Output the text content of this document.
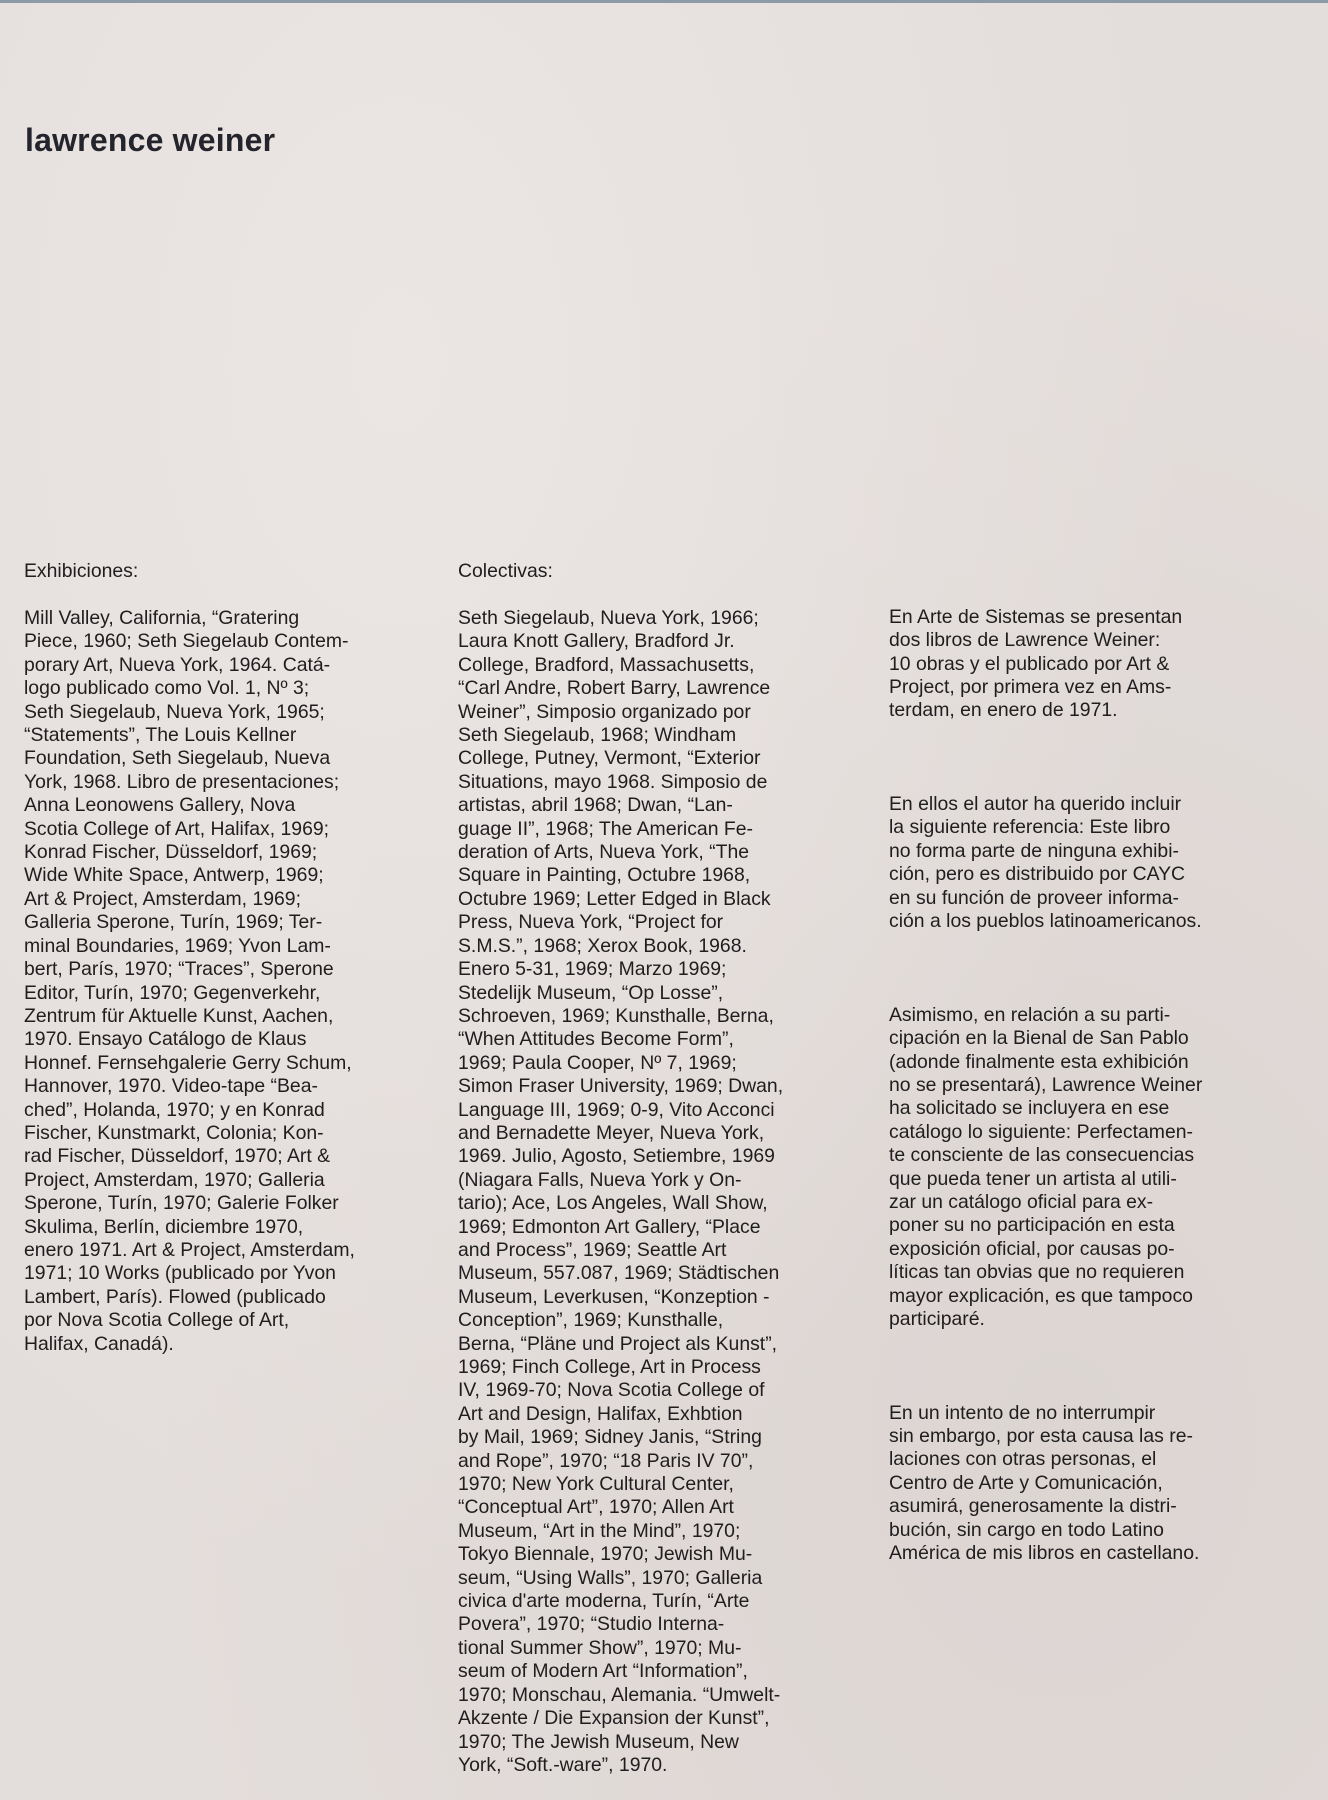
lawrence weiner
Exhibiciones:
Mill Valley, California, “Gratering
Piece, 1960; Seth Siegelaub Contem-
porary Art, Nueva York, 1964. Catá-
logo publicado como Vol. 1, Nº 3;
Seth Siegelaub, Nueva York, 1965;
“Statements”, The Louis Kellner
Foundation, Seth Siegelaub, Nueva
York, 1968. Libro de presentaciones;
Anna Leonowens Gallery, Nova
Scotia College of Art, Halifax, 1969;
Konrad Fischer, Düsseldorf, 1969;
Wide White Space, Antwerp, 1969;
Art & Project, Amsterdam, 1969;
Galleria Sperone, Turín, 1969; Ter-
minal Boundaries, 1969; Yvon Lam-
bert, París, 1970; “Traces”, Sperone
Editor, Turín, 1970; Gegenverkehr,
Zentrum für Aktuelle Kunst, Aachen,
1970. Ensayo Catálogo de Klaus
Honnef. Fernsehgalerie Gerry Schum,
Hannover, 1970. Video-tape “Bea-
ched”, Holanda, 1970; y en Konrad
Fischer, Kunstmarkt, Colonia; Kon-
rad Fischer, Düsseldorf, 1970; Art &
Project, Amsterdam, 1970; Galleria
Sperone, Turín, 1970; Galerie Folker
Skulima, Berlín, diciembre 1970,
enero 1971. Art & Project, Amsterdam,
1971; 10 Works (publicado por Yvon
Lambert, París). Flowed (publicado
por Nova Scotia College of Art,
Halifax, Canadá).
Colectivas:
Seth Siegelaub, Nueva York, 1966;
Laura Knott Gallery, Bradford Jr.
College, Bradford, Massachusetts,
“Carl Andre, Robert Barry, Lawrence
Weiner”, Simposio organizado por
Seth Siegelaub, 1968; Windham
College, Putney, Vermont, “Exterior
Situations, mayo 1968. Simposio de
artistas, abril 1968; Dwan, “Lan-
guage II”, 1968; The American Fe-
deration of Arts, Nueva York, “The
Square in Painting, Octubre 1968,
Octubre 1969; Letter Edged in Black
Press, Nueva York, “Project for
S.M.S.”, 1968; Xerox Book, 1968.
Enero 5-31, 1969; Marzo 1969;
Stedelijk Museum, “Op Losse”,
Schroeven, 1969; Kunsthalle, Berna,
“When Attitudes Become Form”,
1969; Paula Cooper, Nº 7, 1969;
Simon Fraser University, 1969; Dwan,
Language III, 1969; 0-9, Vito Acconci
and Bernadette Meyer, Nueva York,
1969. Julio, Agosto, Setiembre, 1969
(Niagara Falls, Nueva York y On-
tario); Ace, Los Angeles, Wall Show,
1969; Edmonton Art Gallery, “Place
and Process”, 1969; Seattle Art
Museum, 557.087, 1969; Städtischen
Museum, Leverkusen, “Konzeption -
Conception”, 1969; Kunsthalle,
Berna, “Pläne und Project als Kunst”,
1969; Finch College, Art in Process
IV, 1969-70; Nova Scotia College of
Art and Design, Halifax, Exhbtion
by Mail, 1969; Sidney Janis, “String
and Rope”, 1970; “18 Paris IV 70”,
1970; New York Cultural Center,
“Conceptual Art”, 1970; Allen Art
Museum, “Art in the Mind”, 1970;
Tokyo Biennale, 1970; Jewish Mu-
seum, “Using Walls”, 1970; Galleria
civica d'arte moderna, Turín, “Arte
Povera”, 1970; “Studio Interna-
tional Summer Show”, 1970; Mu-
seum of Modern Art “Information”,
1970; Monschau, Alemania. “Umwelt-
Akzente / Die Expansion der Kunst”,
1970; The Jewish Museum, New
York, “Soft.-ware”, 1970.

En Arte de Sistemas se presentan
dos libros de Lawrence Weiner:
10 obras y el publicado por Art &
Project, por primera vez en Ams-
terdam, en enero de 1971.

En ellos el autor ha querido incluir
la siguiente referencia: Este libro
no forma parte de ninguna exhibi-
ción, pero es distribuido por CAYC
en su función de proveer informa-
ción a los pueblos latinoamericanos.

Asimismo, en relación a su parti-
cipación en la Bienal de San Pablo
(adonde finalmente esta exhibición
no se presentará), Lawrence Weiner
ha solicitado se incluyera en ese
catálogo lo siguiente: Perfectamen-
te consciente de las consecuencias
que pueda tener un artista al utili-
zar un catálogo oficial para ex-
poner su no participación en esta
exposición oficial, por causas po-
líticas tan obvias que no requieren
mayor explicación, es que tampoco
participaré.

En un intento de no interrumpir
sin embargo, por esta causa las re-
laciones con otras personas, el
Centro de Arte y Comunicación,
asumirá, generosamente la distri-
bución, sin cargo en todo Latino
América de mis libros en castellano.
